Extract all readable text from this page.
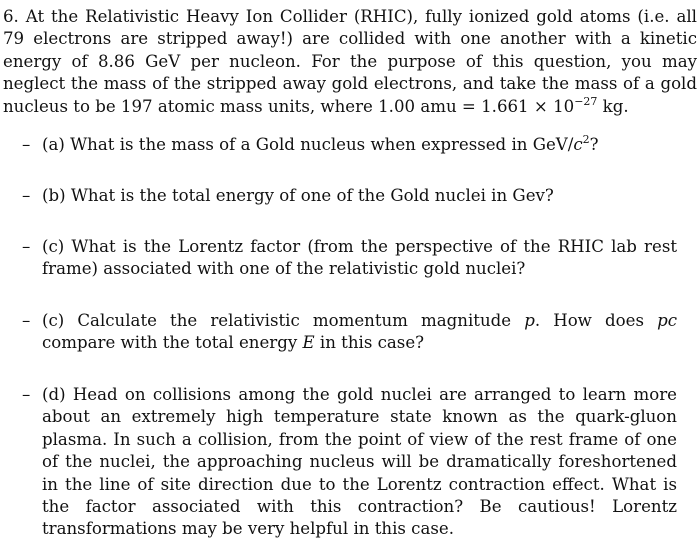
6. At the Relativistic Heavy Ion Collider (RHIC), fully ionized gold atoms (i.e. all 79 electrons are stripped away!) are collided with one another with a kinetic energy of 8.86 GeV per nucleon. For the purpose of this question, you may neglect the mass of the stripped away gold electrons, and take the mass of a gold nucleus to be 197 atomic mass units, where 1.00 amu = $1.661 \times 10^{-27}$ kg.
– (a) What is the mass of a Gold nucleus when expressed in GeV/$c^2$?
– (b) What is the total energy of one of the Gold nuclei in Gev?
– (c) What is the Lorentz factor (from the perspective of the RHIC lab rest frame) associated with one of the relativistic gold nuclei?
– (c) Calculate the relativistic momentum magnitude p. How does pc compare with the total energy E in this case?
– (d) Head on collisions among the gold nuclei are arranged to learn more about an extremely high temperature state known as the quark-gluon plasma. In such a collision, from the point of view of the rest frame of one of the nuclei, the approaching nucleus will be dramatically foreshortened in the line of site direction due to the Lorentz contraction effect. What is the factor associated with this contraction? Be cautious! Lorentz transformations may be very helpful in this case.
